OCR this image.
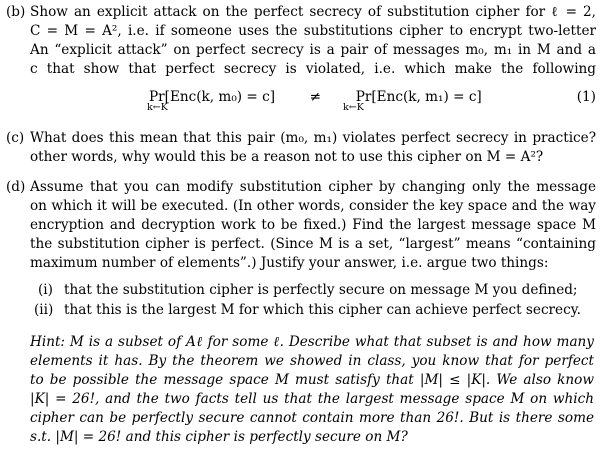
(b) Show an explicit attack on the perfect secrecy of substitution cipher for ℓ = 2,
C = M = A², i.e. if someone uses the substitutions cipher to encrypt two-letter
An “explicit attack” on perfect secrecy is a pair of messages m₀, m₁ in M and a
c that show that perfect secrecy is violated, i.e. which make the following
Pr[Enc(k, m₀) = c]	≠	Pr[Enc(k, m₁) = c]
k←K	k←K
(1)
(c) What does this mean that this pair (m₀, m₁) violates perfect secrecy in practice?
other words, why would this be a reason not to use this cipher on M = A²?
(d) Assume that you can modify substitution cipher by changing only the message
on which it will be executed. (In other words, consider the key space and the way
encryption and decryption work to be fixed.) Find the largest message space M
the substitution cipher is perfect. (Since M is a set, “largest” means “containing
maximum number of elements”.) Justify your answer, i.e. argue two things:
(i) that the substitution cipher is perfectly secure on message M you defined;
(ii) that this is the largest M for which this cipher can achieve perfect secrecy.
Hint: M is a subset of Aℓ for some ℓ. Describe what that subset is and how many
elements it has. By the theorem we showed in class, you know that for perfect
to be possible the message space M must satisfy that |M| ≤ |K|. We also know
|K| = 26!, and the two facts tell us that the largest message space M on which
cipher can be perfectly secure cannot contain more than 26!. But is there some
s.t. |M| = 26! and this cipher is perfectly secure on M?
